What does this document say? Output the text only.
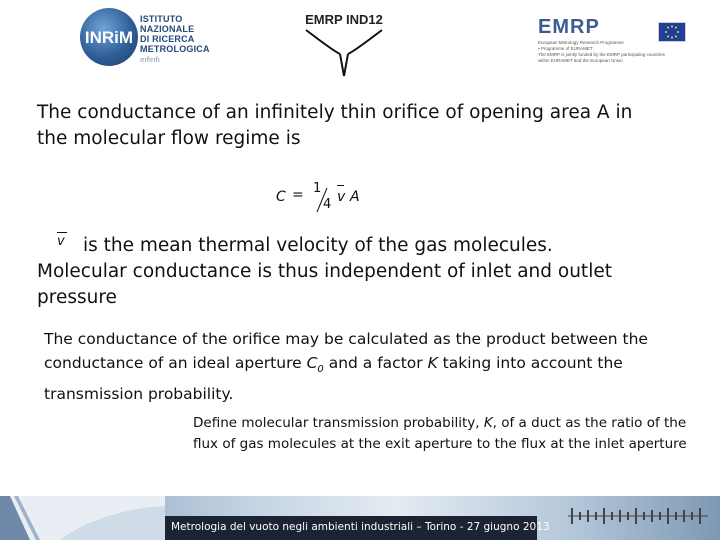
INRiM
ISTITUTO
NAZIONALE
DI RICERCA
METROLOGICA
ırıfırıfı
EMRP IND12	EMRP
European Metrology Research Programme
▪ Programme of EURAMET
The EMRP is jointly funded by the EMRP participating countries
within EURAMET and the European Union
The conductance of an infinitely thin orifice of opening area A in
the molecular flow regime is
C = 1
4 v A
v is the mean thermal velocity of the gas molecules.
Molecular conductance is thus independent of inlet and outlet
pressure
The conductance of the orifice may be calculated as the product between the conductance of an ideal aperture $C_0$ and a factor K taking into account the transmission probability.
Define molecular transmission probability, K, of a duct as the ratio of the flux of gas molecules at the exit aperture to the flux at the inlet aperture
Metrologia del vuoto negli ambienti industriali – Torino - 27 giugno 2013
